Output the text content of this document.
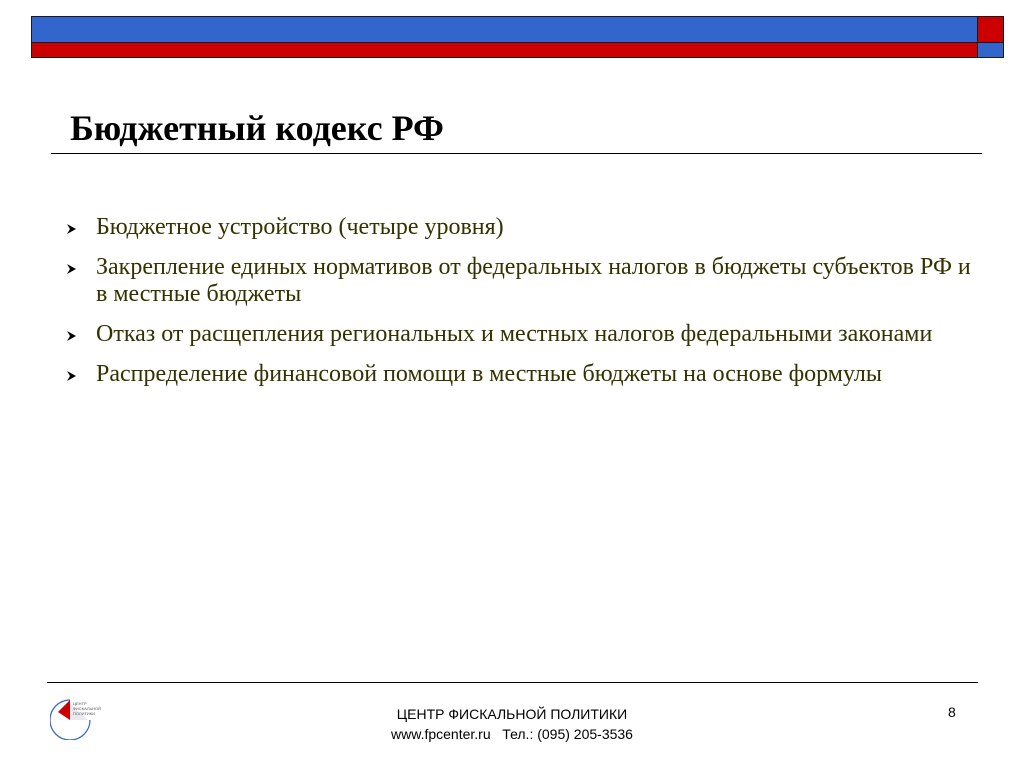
Бюджетный кодекс РФ
Бюджетное устройство (четыре уровня)
Закрепление единых нормативов от федеральных налогов в бюджеты субъектов РФ и в местные бюджеты
Отказ от расщепления региональных и местных налогов федеральными законами
Распределение финансовой помощи в местные бюджеты на основе формулы
ЦЕНТР
ФИСКАЛЬНОЙ
ПОЛИТИКИ	ЦЕНТР ФИСКАЛЬНОЙ ПОЛИТИКИ
www.fpcenter.ru Тел.: (095) 205-3536
8
